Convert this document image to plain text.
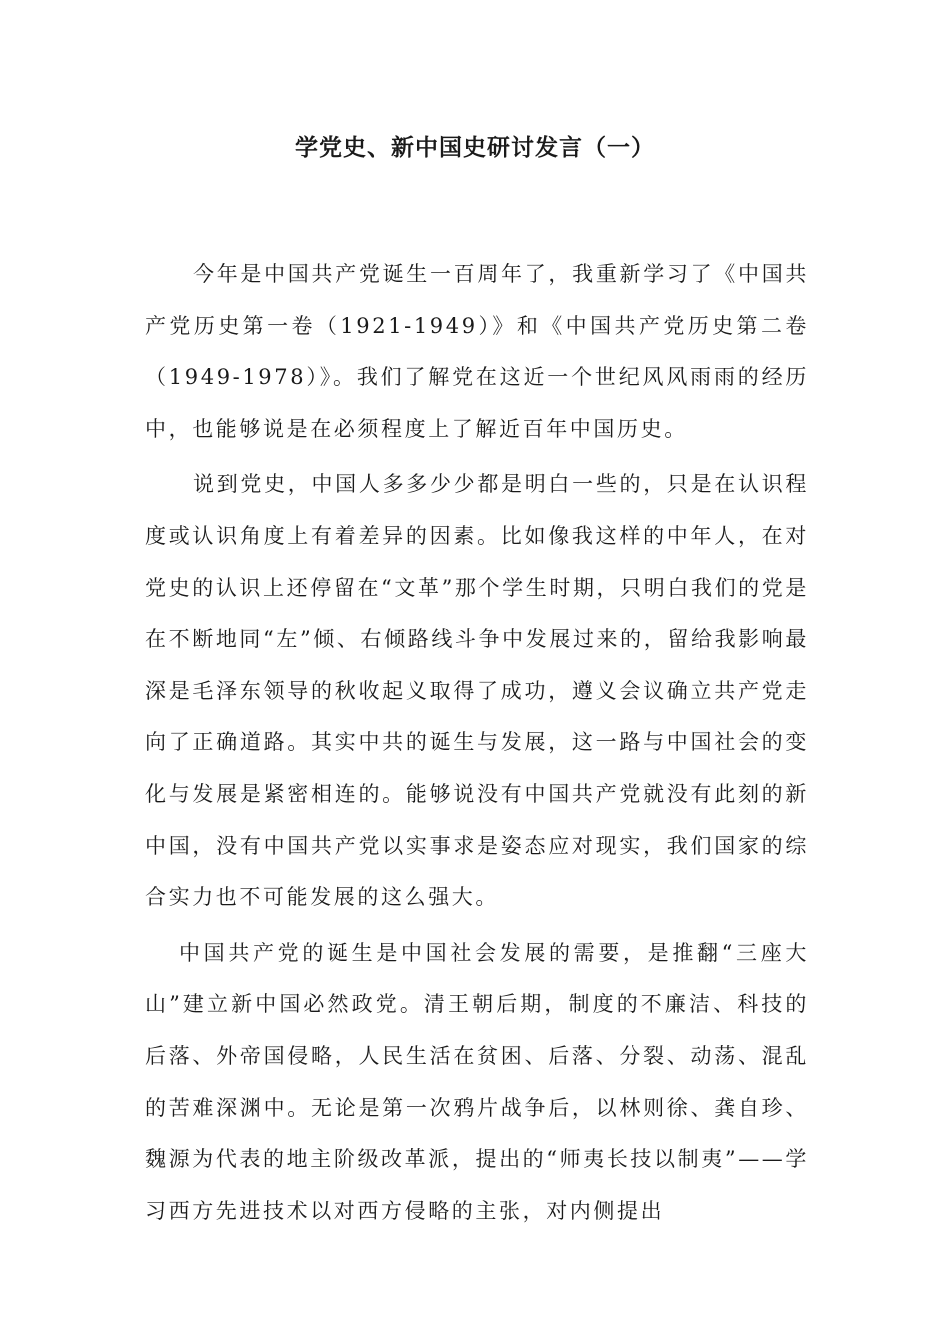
学党史、新中国史研讨发言（一）

今年是中国共产党诞生一百周年了，我重新学习了《中国共产党历史第一卷（1921-1949）》和《中国共产党历史第二卷（1949-1978）》。我们了解党在这近一个世纪风风雨雨的经历中，也能够说是在必须程度上了解近百年中国历史。

说到党史，中国人多多少少都是明白一些的，只是在认识程度或认识角度上有着差异的因素。比如像我这样的中年人，在对党史的认识上还停留在“文革”那个学生时期，只明白我们的党是在不断地同“左”倾、右倾路线斗争中发展过来的，留给我影响最深是毛泽东领导的秋收起义取得了成功，遵义会议确立共产党走向了正确道路。其实中共的诞生与发展，这一路与中国社会的变化与发展是紧密相连的。能够说没有中国共产党就没有此刻的新中国，没有中国共产党以实事求是姿态应对现实，我们国家的综合实力也不可能发展的这么强大。

中国共产党的诞生是中国社会发展的需要，是推翻“三座大山”建立新中国必然政党。清王朝后期，制度的不廉洁、科技的后落、外帝国侵略，人民生活在贫困、后落、分裂、动荡、混乱的苦难深渊中。无论是第一次鸦片战争后，以林则徐、龚自珍、魏源为代表的地主阶级改革派，提出的“师夷长技以制夷”——学习西方先进技术以对西方侵略的主张，对内侧提出
